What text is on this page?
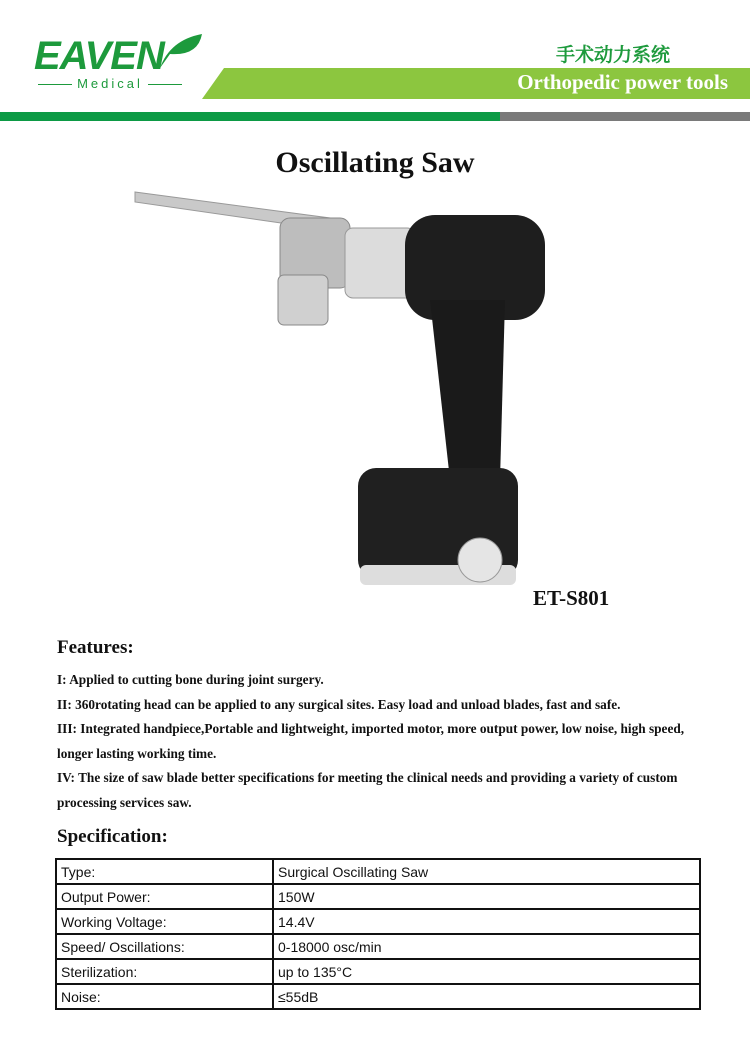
EAVEN
Medical
手术动力系统
Orthopedic power tools
Oscillating Saw
ET-S801
Features:
I: Applied to cutting bone during joint surgery.
II: 360rotating head can be applied to any surgical sites. Easy load and unload blades, fast and safe.
III: Integrated handpiece,Portable and lightweight, imported motor, more output power, low noise, high speed, longer lasting working time.
IV: The size of saw blade better specifications for meeting the clinical needs and providing a variety of custom processing services saw.
Specification:
Type:	Surgical Oscillating Saw
Output Power:	150W
Working Voltage:	14.4V
Speed/ Oscillations:	0-18000 osc/min
Sterilization:	up to 135°C
Noise:	≤55dB
